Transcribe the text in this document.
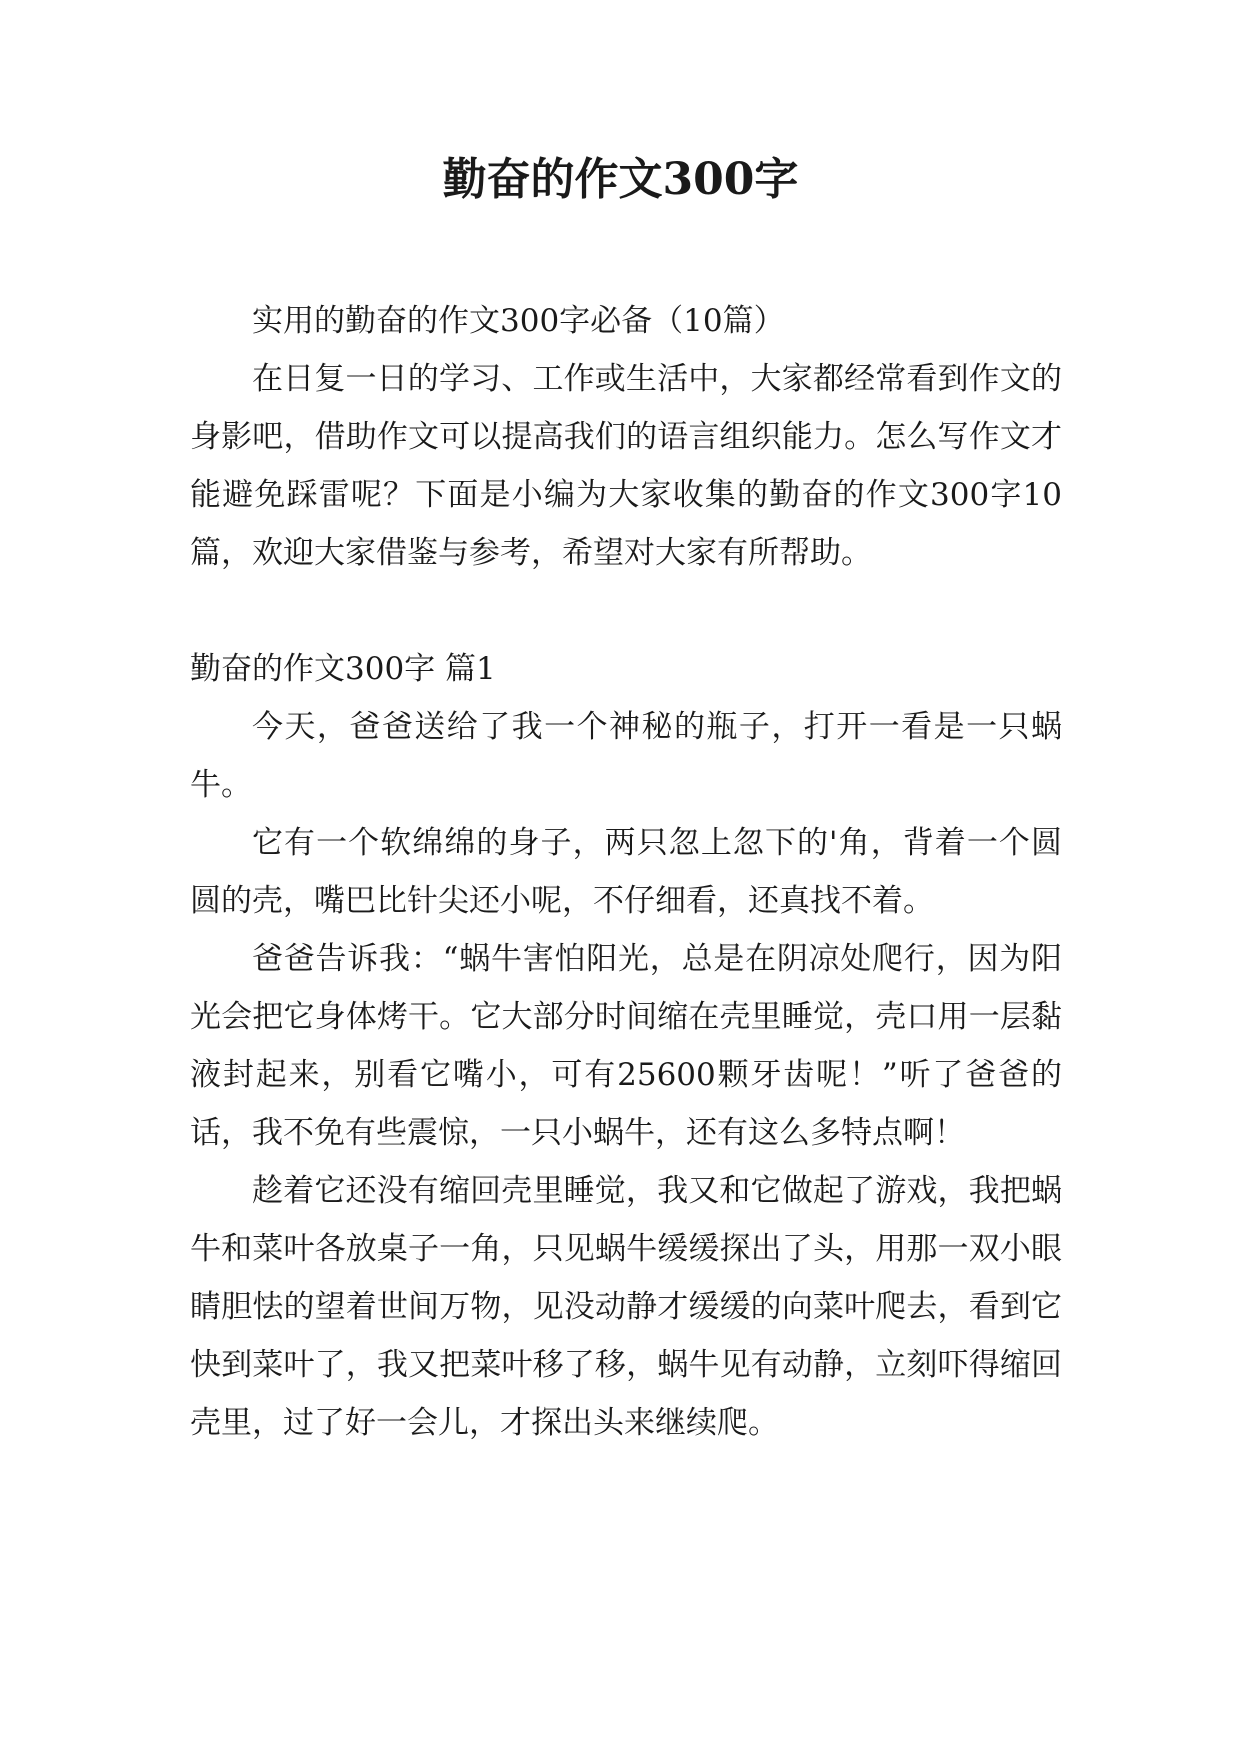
勤奋的作文300字

实用的勤奋的作文300字必备（10篇）

在日复一日的学习、工作或生活中，大家都经常看到作文的身影吧，借助作文可以提高我们的语言组织能力。怎么写作文才能避免踩雷呢？下面是小编为大家收集的勤奋的作文300字10篇，欢迎大家借鉴与参考，希望对大家有所帮助。

勤奋的作文300字 篇1

今天，爸爸送给了我一个神秘的瓶子，打开一看是一只蜗牛。

它有一个软绵绵的身子，两只忽上忽下的'角，背着一个圆圆的壳，嘴巴比针尖还小呢，不仔细看，还真找不着。

爸爸告诉我：“蜗牛害怕阳光，总是在阴凉处爬行，因为阳光会把它身体烤干。它大部分时间缩在壳里睡觉，壳口用一层黏液封起来，别看它嘴小，可有25600颗牙齿呢！”听了爸爸的话，我不免有些震惊，一只小蜗牛，还有这么多特点啊！

趁着它还没有缩回壳里睡觉，我又和它做起了游戏，我把蜗牛和菜叶各放桌子一角，只见蜗牛缓缓探出了头，用那一双小眼睛胆怯的望着世间万物，见没动静才缓缓的向菜叶爬去，看到它快到菜叶了，我又把菜叶移了移，蜗牛见有动静，立刻吓得缩回壳里，过了好一会儿，才探出头来继续爬。
